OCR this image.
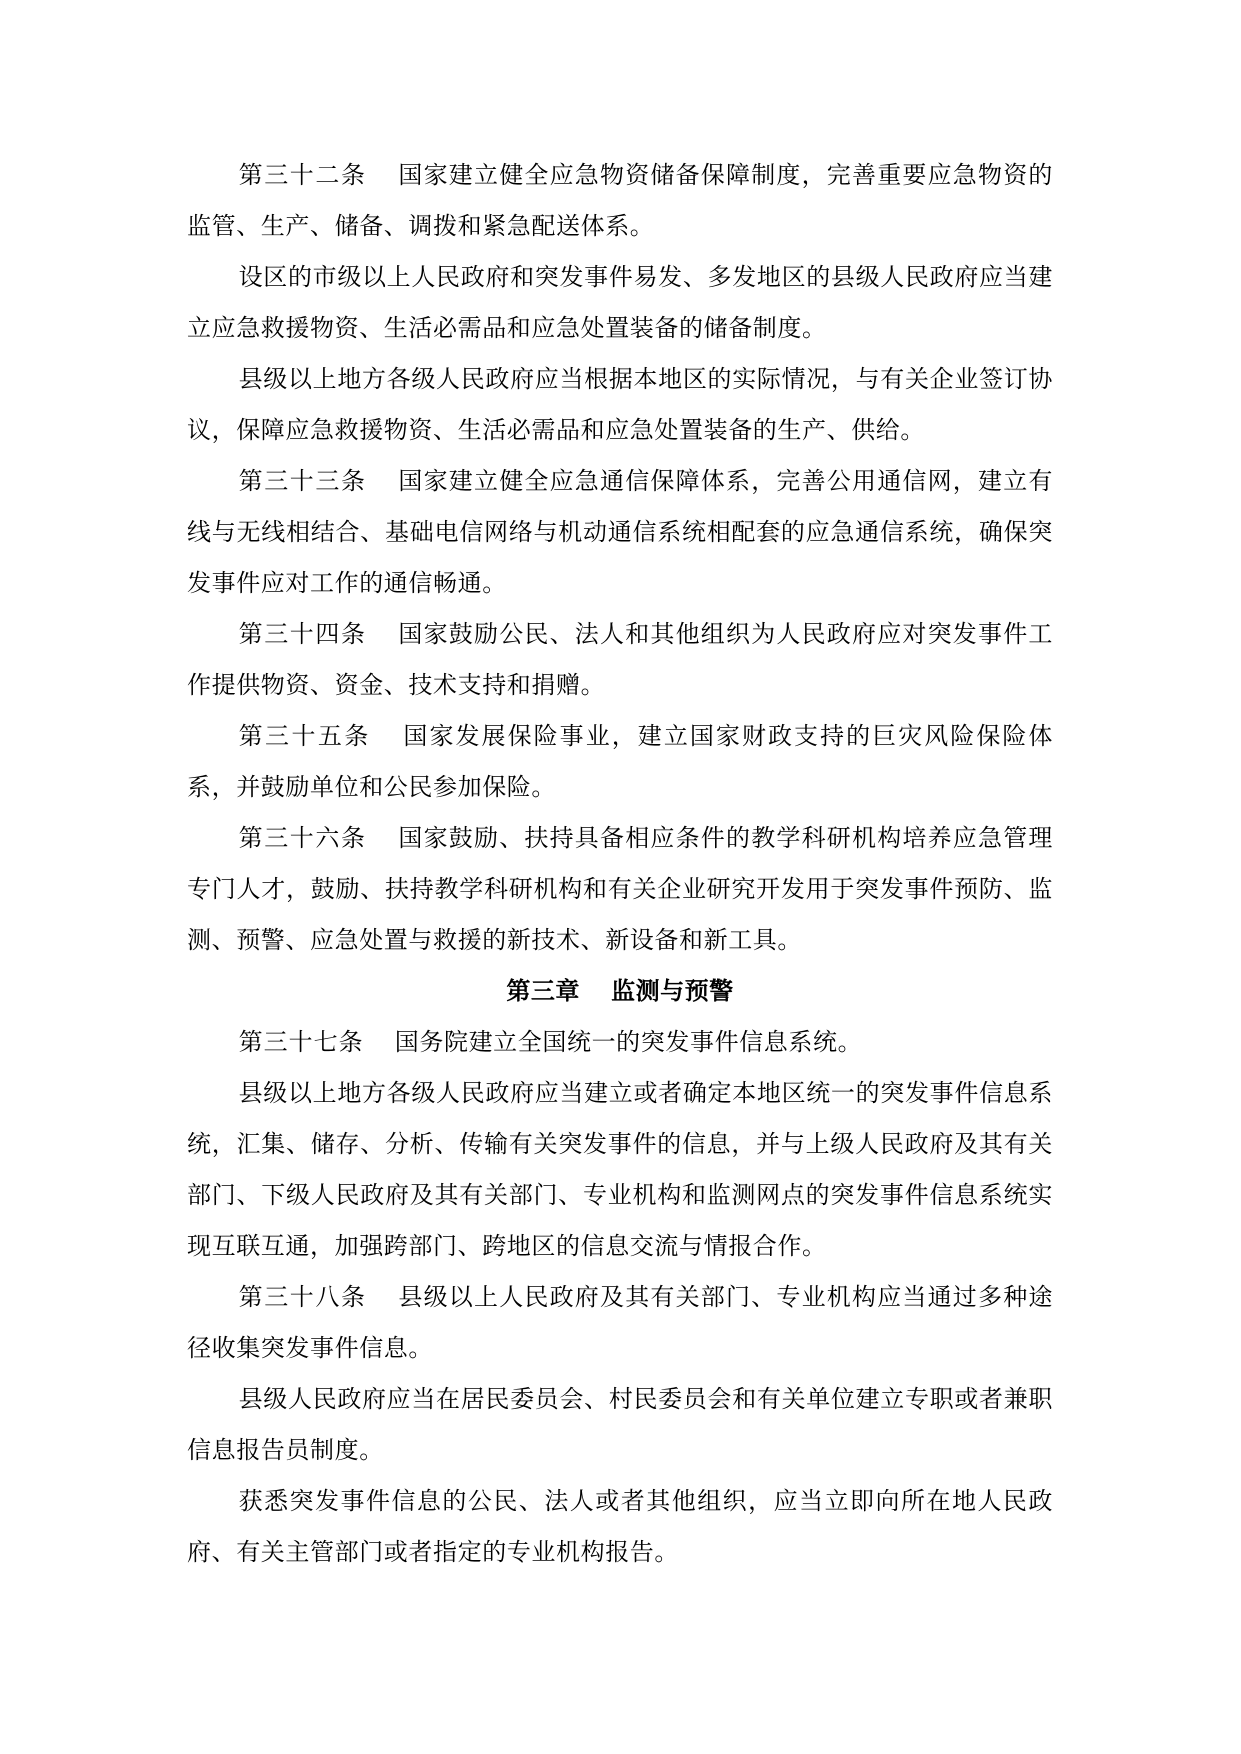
第三十二条 国家建立健全应急物资储备保障制度，完善重要应急物资的监管、生产、储备、调拨和紧急配送体系。

设区的市级以上人民政府和突发事件易发、多发地区的县级人民政府应当建立应急救援物资、生活必需品和应急处置装备的储备制度。

县级以上地方各级人民政府应当根据本地区的实际情况，与有关企业签订协议，保障应急救援物资、生活必需品和应急处置装备的生产、供给。

第三十三条 国家建立健全应急通信保障体系，完善公用通信网，建立有线与无线相结合、基础电信网络与机动通信系统相配套的应急通信系统，确保突发事件应对工作的通信畅通。

第三十四条 国家鼓励公民、法人和其他组织为人民政府应对突发事件工作提供物资、资金、技术支持和捐赠。

第三十五条 国家发展保险事业，建立国家财政支持的巨灾风险保险体系，并鼓励单位和公民参加保险。

第三十六条 国家鼓励、扶持具备相应条件的教学科研机构培养应急管理专门人才，鼓励、扶持教学科研机构和有关企业研究开发用于突发事件预防、监测、预警、应急处置与救援的新技术、新设备和新工具。

第三章 监测与预警

第三十七条 国务院建立全国统一的突发事件信息系统。

县级以上地方各级人民政府应当建立或者确定本地区统一的突发事件信息系统，汇集、储存、分析、传输有关突发事件的信息，并与上级人民政府及其有关部门、下级人民政府及其有关部门、专业机构和监测网点的突发事件信息系统实现互联互通，加强跨部门、跨地区的信息交流与情报合作。

第三十八条 县级以上人民政府及其有关部门、专业机构应当通过多种途径收集突发事件信息。

县级人民政府应当在居民委员会、村民委员会和有关单位建立专职或者兼职信息报告员制度。

获悉突发事件信息的公民、法人或者其他组织，应当立即向所在地人民政府、有关主管部门或者指定的专业机构报告。
